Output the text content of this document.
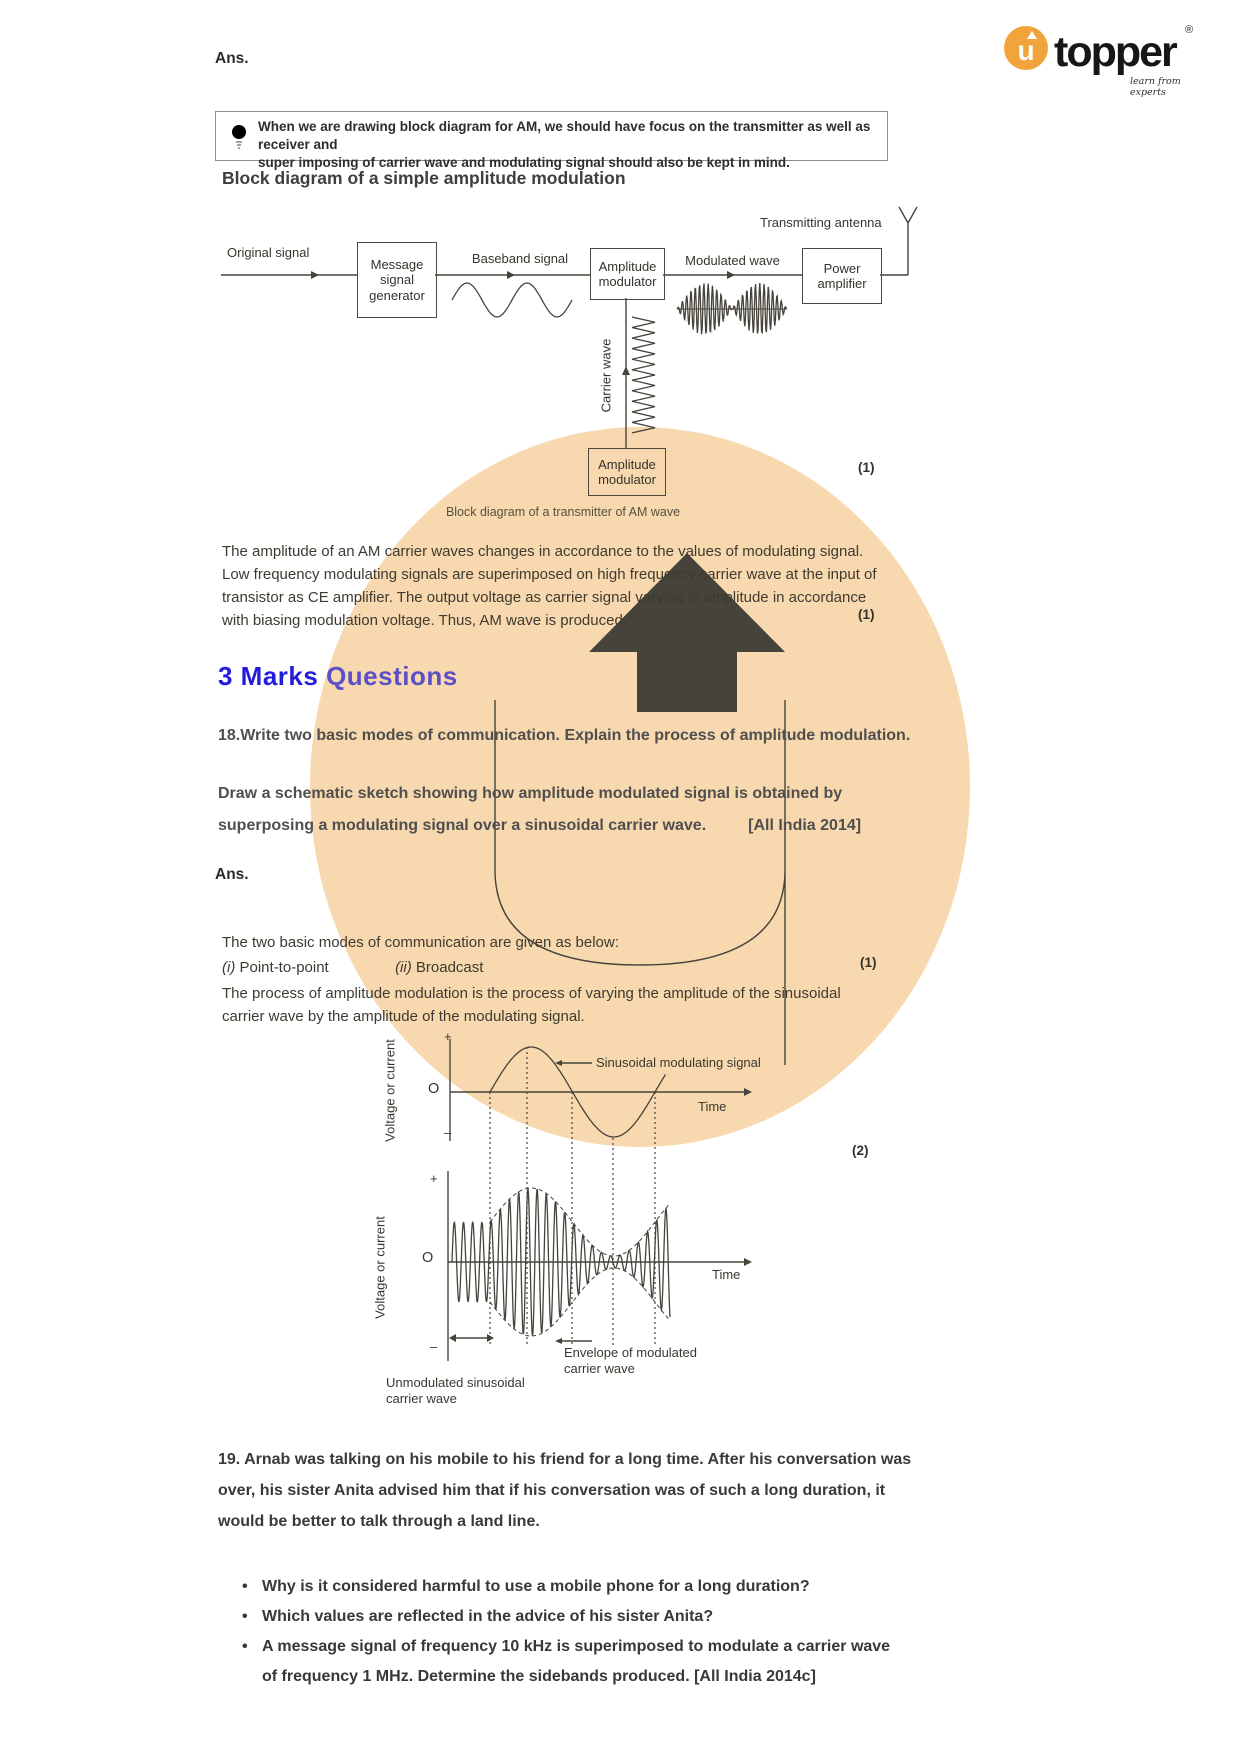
Ans.	u topper ®
learn from experts
When we are drawing block diagram for AM, we should have focus on the transmitter as well as receiver and
super imposing of carrier wave and modulating signal should also be kept in mind.
Block diagram of a simple amplitude modulation
Original signal	Baseband signal	Modulated wave
Transmitting antenna
Carrier wave
Message
signal
generator
Amplitude
modulator
Power
amplifier
Amplitude
modulator
Block diagram of a transmitter of AM wave
(1)
The amplitude of an AM carrier waves changes in accordance to the values of modulating signal.
Low frequency modulating signals are superimposed on high frequency carrier wave at the input of
transistor as CE amplifier. The output voltage as carrier signal varying in amplitude in accordance
with biasing modulation voltage. Thus, AM wave is produced.	(1)
3 Marks Questions
18.Write two basic modes of communication. Explain the process of amplitude modulation.
Draw a schematic sketch showing how amplitude modulated signal is obtained by
superposing a modulating signal over a sinusoidal carrier wave.	[All India 2014]
Ans.
The two basic modes of communication are given as below:
(i) Point-to-point	(ii) Broadcast	(1)
The process of amplitude modulation is the process of varying the amplitude of the sinusoidal
carrier wave by the amplitude of the modulating signal.
+
O
–
Voltage or current	Time
Sinusoidal modulating signal
+
O
–
Voltage or current	Time
Envelope of modulated
carrier wave
Unmodulated sinusoidal
carrier wave
(2)
19. Arnab was talking on his mobile to his friend for a long time. After his conversation was
over, his sister Anita advised him that if his conversation was of such a long duration, it
would be better to talk through a land line.
•
Why is it considered harmful to use a mobile phone for a long duration?
•
Which values are reflected in the advice of his sister Anita?
•
A message signal of frequency 10 kHz is superimposed to modulate a carrier wave of frequency 1 MHz. Determine the sidebands produced. [All India 2014c]
